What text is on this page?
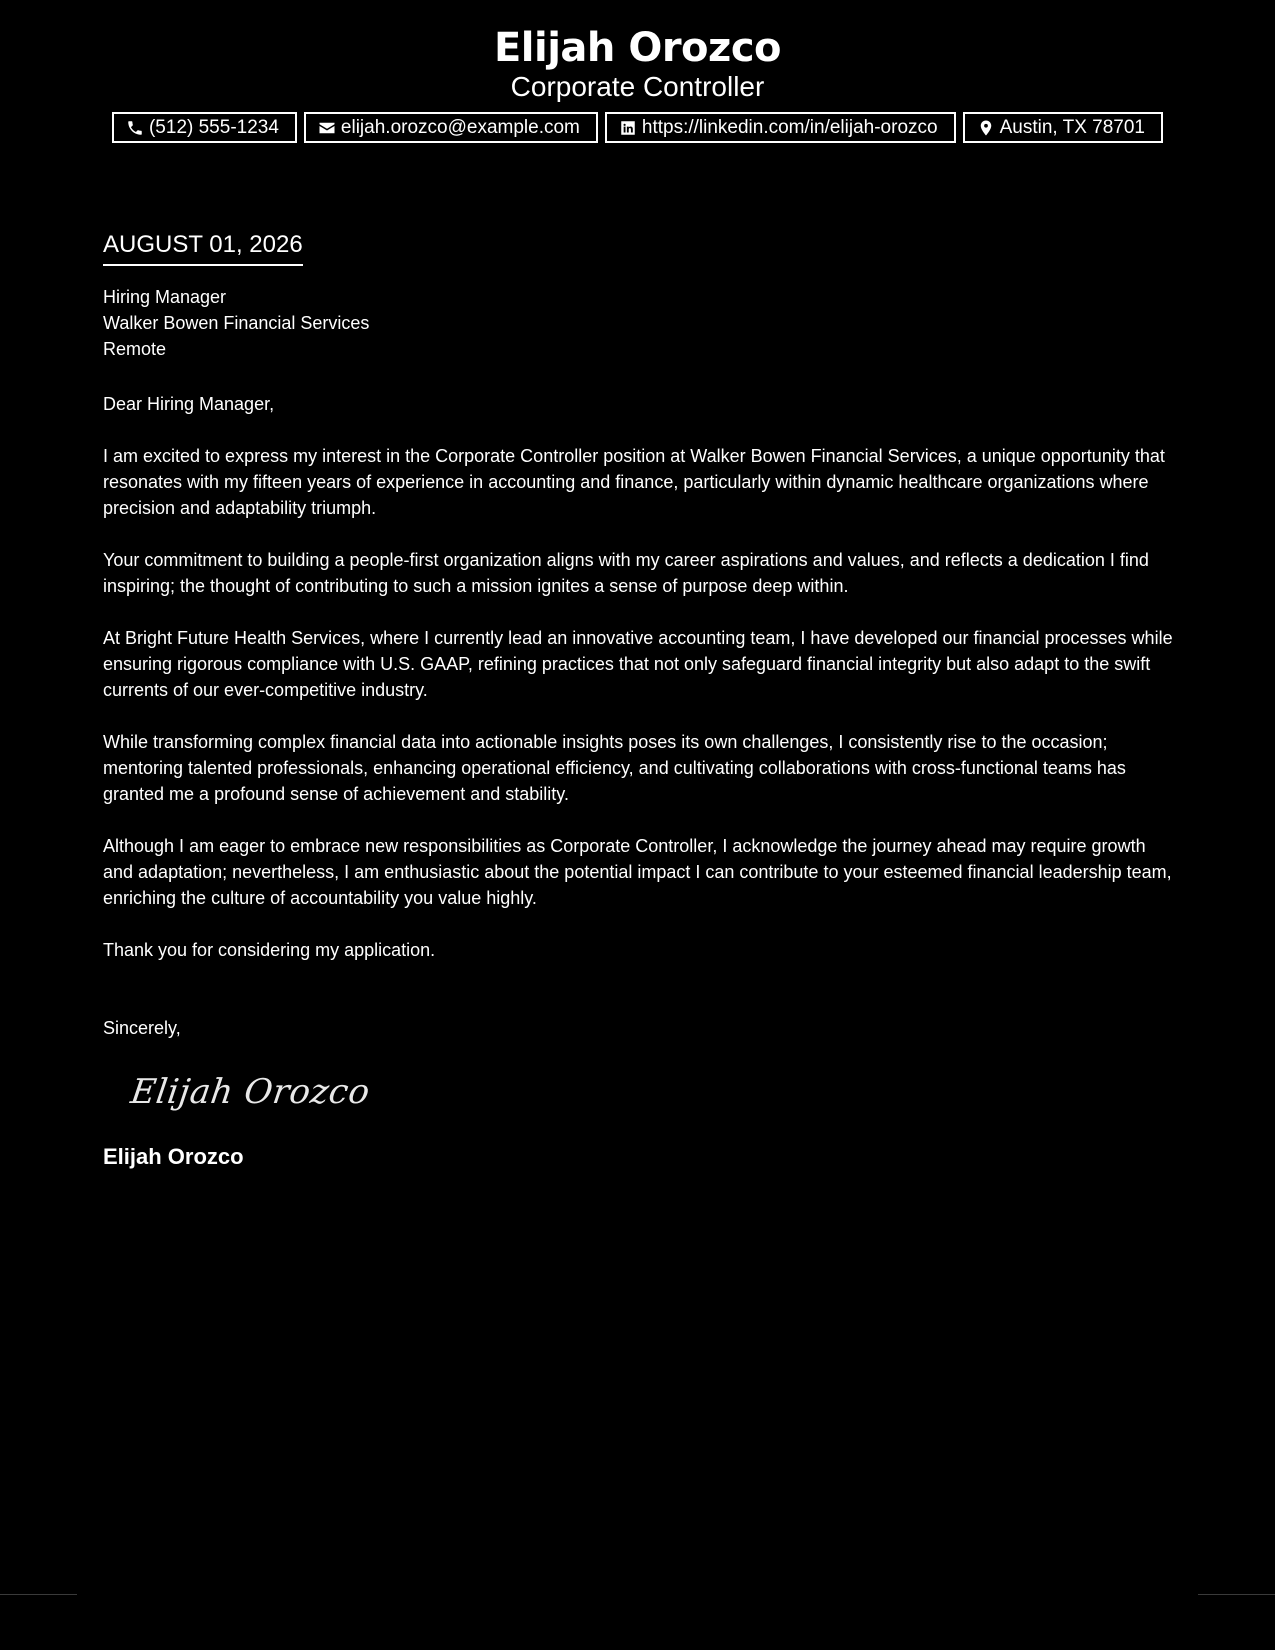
Elijah Orozco
Corporate Controller
(512) 555-1234	elijah.orozco@example.com	https://linkedin.com/in/elijah-orozco	Austin, TX 78701
AUGUST 01, 2026
Hiring Manager
Walker Bowen Financial Services
Remote
Dear Hiring Manager,

I am excited to express my interest in the Corporate Controller position at Walker Bowen Financial Services, a unique opportunity that resonates with my fifteen years of experience in accounting and finance, particularly within dynamic healthcare organizations where precision and adaptability triumph.

Your commitment to building a people-first organization aligns with my career aspirations and values, and reflects a dedication I find inspiring; the thought of contributing to such a mission ignites a sense of purpose deep within.

At Bright Future Health Services, where I currently lead an innovative accounting team, I have developed our financial processes while ensuring rigorous compliance with U.S. GAAP, refining practices that not only safeguard financial integrity but also adapt to the swift currents of our ever-competitive industry.

While transforming complex financial data into actionable insights poses its own challenges, I consistently rise to the occasion; mentoring talented professionals, enhancing operational efficiency, and cultivating collaborations with cross-functional teams has granted me a profound sense of achievement and stability.

Although I am eager to embrace new responsibilities as Corporate Controller, I acknowledge the journey ahead may require growth and adaptation; nevertheless, I am enthusiastic about the potential impact I can contribute to your esteemed financial leadership team, enriching the culture of accountability you value highly.

Thank you for considering my application.

Sincerely,
Elijah Orozco
Elijah Orozco
